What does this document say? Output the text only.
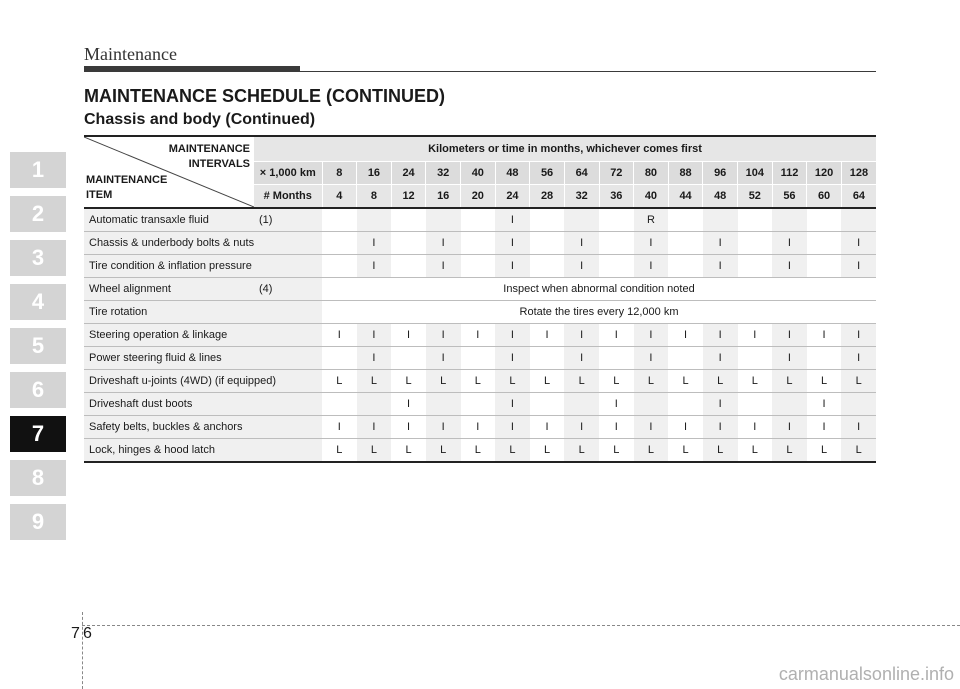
Maintenance
MAINTENANCE SCHEDULE (CONTINUED)
Chassis and body (Continued)
1
2
3
4
5
6
7
8
9
MAINTENANCE
INTERVALS
MAINTENANCE
ITEM	Kilometers or time in months, whichever comes first																
	× 1,000 km	8	16	24	32	40	48	56	64	72	80	88	96	104	112	120	128
	# Months	4	8	12	16	20	24	28	32	36	40	44	48	52	56	60	64

Automatic transaxle fluid (1)							I				R						

Chassis & underbody bolts & nuts			I		I		I		I		I		I		I		I

Tire condition & inflation pressure			I		I		I		I		I		I		I		I

Wheel alignment (4)		Inspect when abnormal condition noted															

Tire rotation		Rotate the tires every 12,000 km															

Steering operation & linkage		I	I	I	I	I	I	I	I	I	I	I	I	I	I	I	I

Power steering fluid & lines			I		I		I		I		I		I		I		I

Driveshaft u-joints (4WD) (if equipped)		L	L	L	L	L	L	L	L	L	L	L	L	L	L	L	L

Driveshaft dust boots				I			I			I			I			I	

Safety belts, buckles & anchors		I	I	I	I	I	I	I	I	I	I	I	I	I	I	I	I

Lock, hinges & hood latch		L	L	L	L	L	L	L	L	L	L	L	L	L	L	L	L
7 6
carmanualsonline.info
